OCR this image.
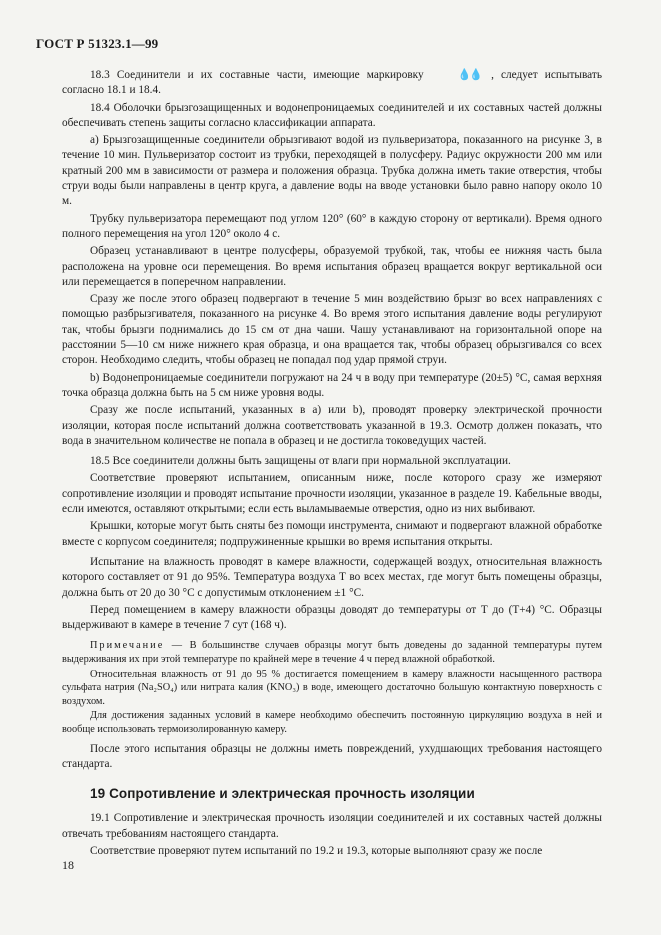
ГОСТ Р 51323.1—99

18.3 Соединители и их составные части, имеющие маркировку	💧💧 , следует испытывать согласно 18.1 и 18.4.

18.4 Оболочки брызгозащищенных и водонепроницаемых соединителей и их составных частей должны обеспечивать степень защиты согласно классификации аппарата.

а) Брызгозащищенные соединители обрызгивают водой из пульверизатора, показанного на рисунке 3, в течение 10 мин. Пульверизатор состоит из трубки, переходящей в полусферу. Радиус окружности 200 мм или кратный 200 мм в зависимости от размера и положения образца. Трубка должна иметь такие отверстия, чтобы струи воды были направлены в центр круга, а давление воды на вводе установки было равно напору около 10 м.

Трубку пульверизатора перемещают под углом 120° (60° в каждую сторону от вертикали). Время одного полного перемещения на угол 120° около 4 с.

Образец устанавливают в центре полусферы, образуемой трубкой, так, чтобы ее нижняя часть была расположена на уровне оси перемещения. Во время испытания образец вращается вокруг вертикальной оси или перемещается в поперечном направлении.

Сразу же после этого образец подвергают в течение 5 мин воздействию брызг во всех направлениях с помощью разбрызгивателя, показанного на рисунке 4. Во время этого испытания давление воды регулируют так, чтобы брызги поднимались до 15 см от дна чаши. Чашу устанавливают на горизонтальной опоре на расстоянии 5—10 см ниже нижнего края образца, и она вращается так, чтобы образец обрызгивался со всех сторон. Необходимо следить, чтобы образец не попадал под удар прямой струи.

b) Водонепроницаемые соединители погружают на 24 ч в воду при температуре (20±5) °С, самая верхняя точка образца должна быть на 5 см ниже уровня воды.

Сразу же после испытаний, указанных в а) или b), проводят проверку электрической прочности изоляции, которая после испытаний должна соответствовать указанной в 19.3. Осмотр должен показать, что вода в значительном количестве не попала в образец и не достигла токоведущих частей.

18.5 Все соединители должны быть защищены от влаги при нормальной эксплуатации.

Соответствие проверяют испытанием, описанным ниже, после которого сразу же измеряют сопротивление изоляции и проводят испытание прочности изоляции, указанное в разделе 19. Кабельные вводы, если имеются, оставляют открытыми; если есть выламываемые отверстия, одно из них выбивают.

Крышки, которые могут быть сняты без помощи инструмента, снимают и подвергают влажной обработке вместе с корпусом соединителя; подпружиненные крышки во время испытания открыты.

Испытание на влажность проводят в камере влажности, содержащей воздух, относительная влажность которого составляет от 91 до 95%. Температура воздуха Т во всех местах, где могут быть помещены образцы, должна быть от 20 до 30 °С с допустимым отклонением ±1 °С.

Перед помещением в камеру влажности образцы доводят до температуры от Т до (Т+4) °С. Образцы выдерживают в камере в течение 7 сут (168 ч).

Примечание — В большинстве случаев образцы могут быть доведены до заданной температуры путем выдерживания их при этой температуре по крайней мере в течение 4 ч перед влажной обработкой.

Относительная влажность от 91 до 95 % достигается помещением в камеру влажности насыщенного раствора сульфата натрия (Na₂SO₄) или нитрата калия (KNO₃) в воде, имеющего достаточно большую контактную поверхность с воздухом.

Для достижения заданных условий в камере необходимо обеспечить постоянную циркуляцию воздуха в ней и вообще использовать термоизолированную камеру.

После этого испытания образцы не должны иметь повреждений, ухудшающих требования настоящего стандарта.

19 Сопротивление и электрическая прочность изоляции

19.1 Сопротивление и электрическая прочность изоляции соединителей и их составных частей должны отвечать требованиям настоящего стандарта.

Соответствие проверяют путем испытаний по 19.2 и 19.3, которые выполняют сразу же после

18
